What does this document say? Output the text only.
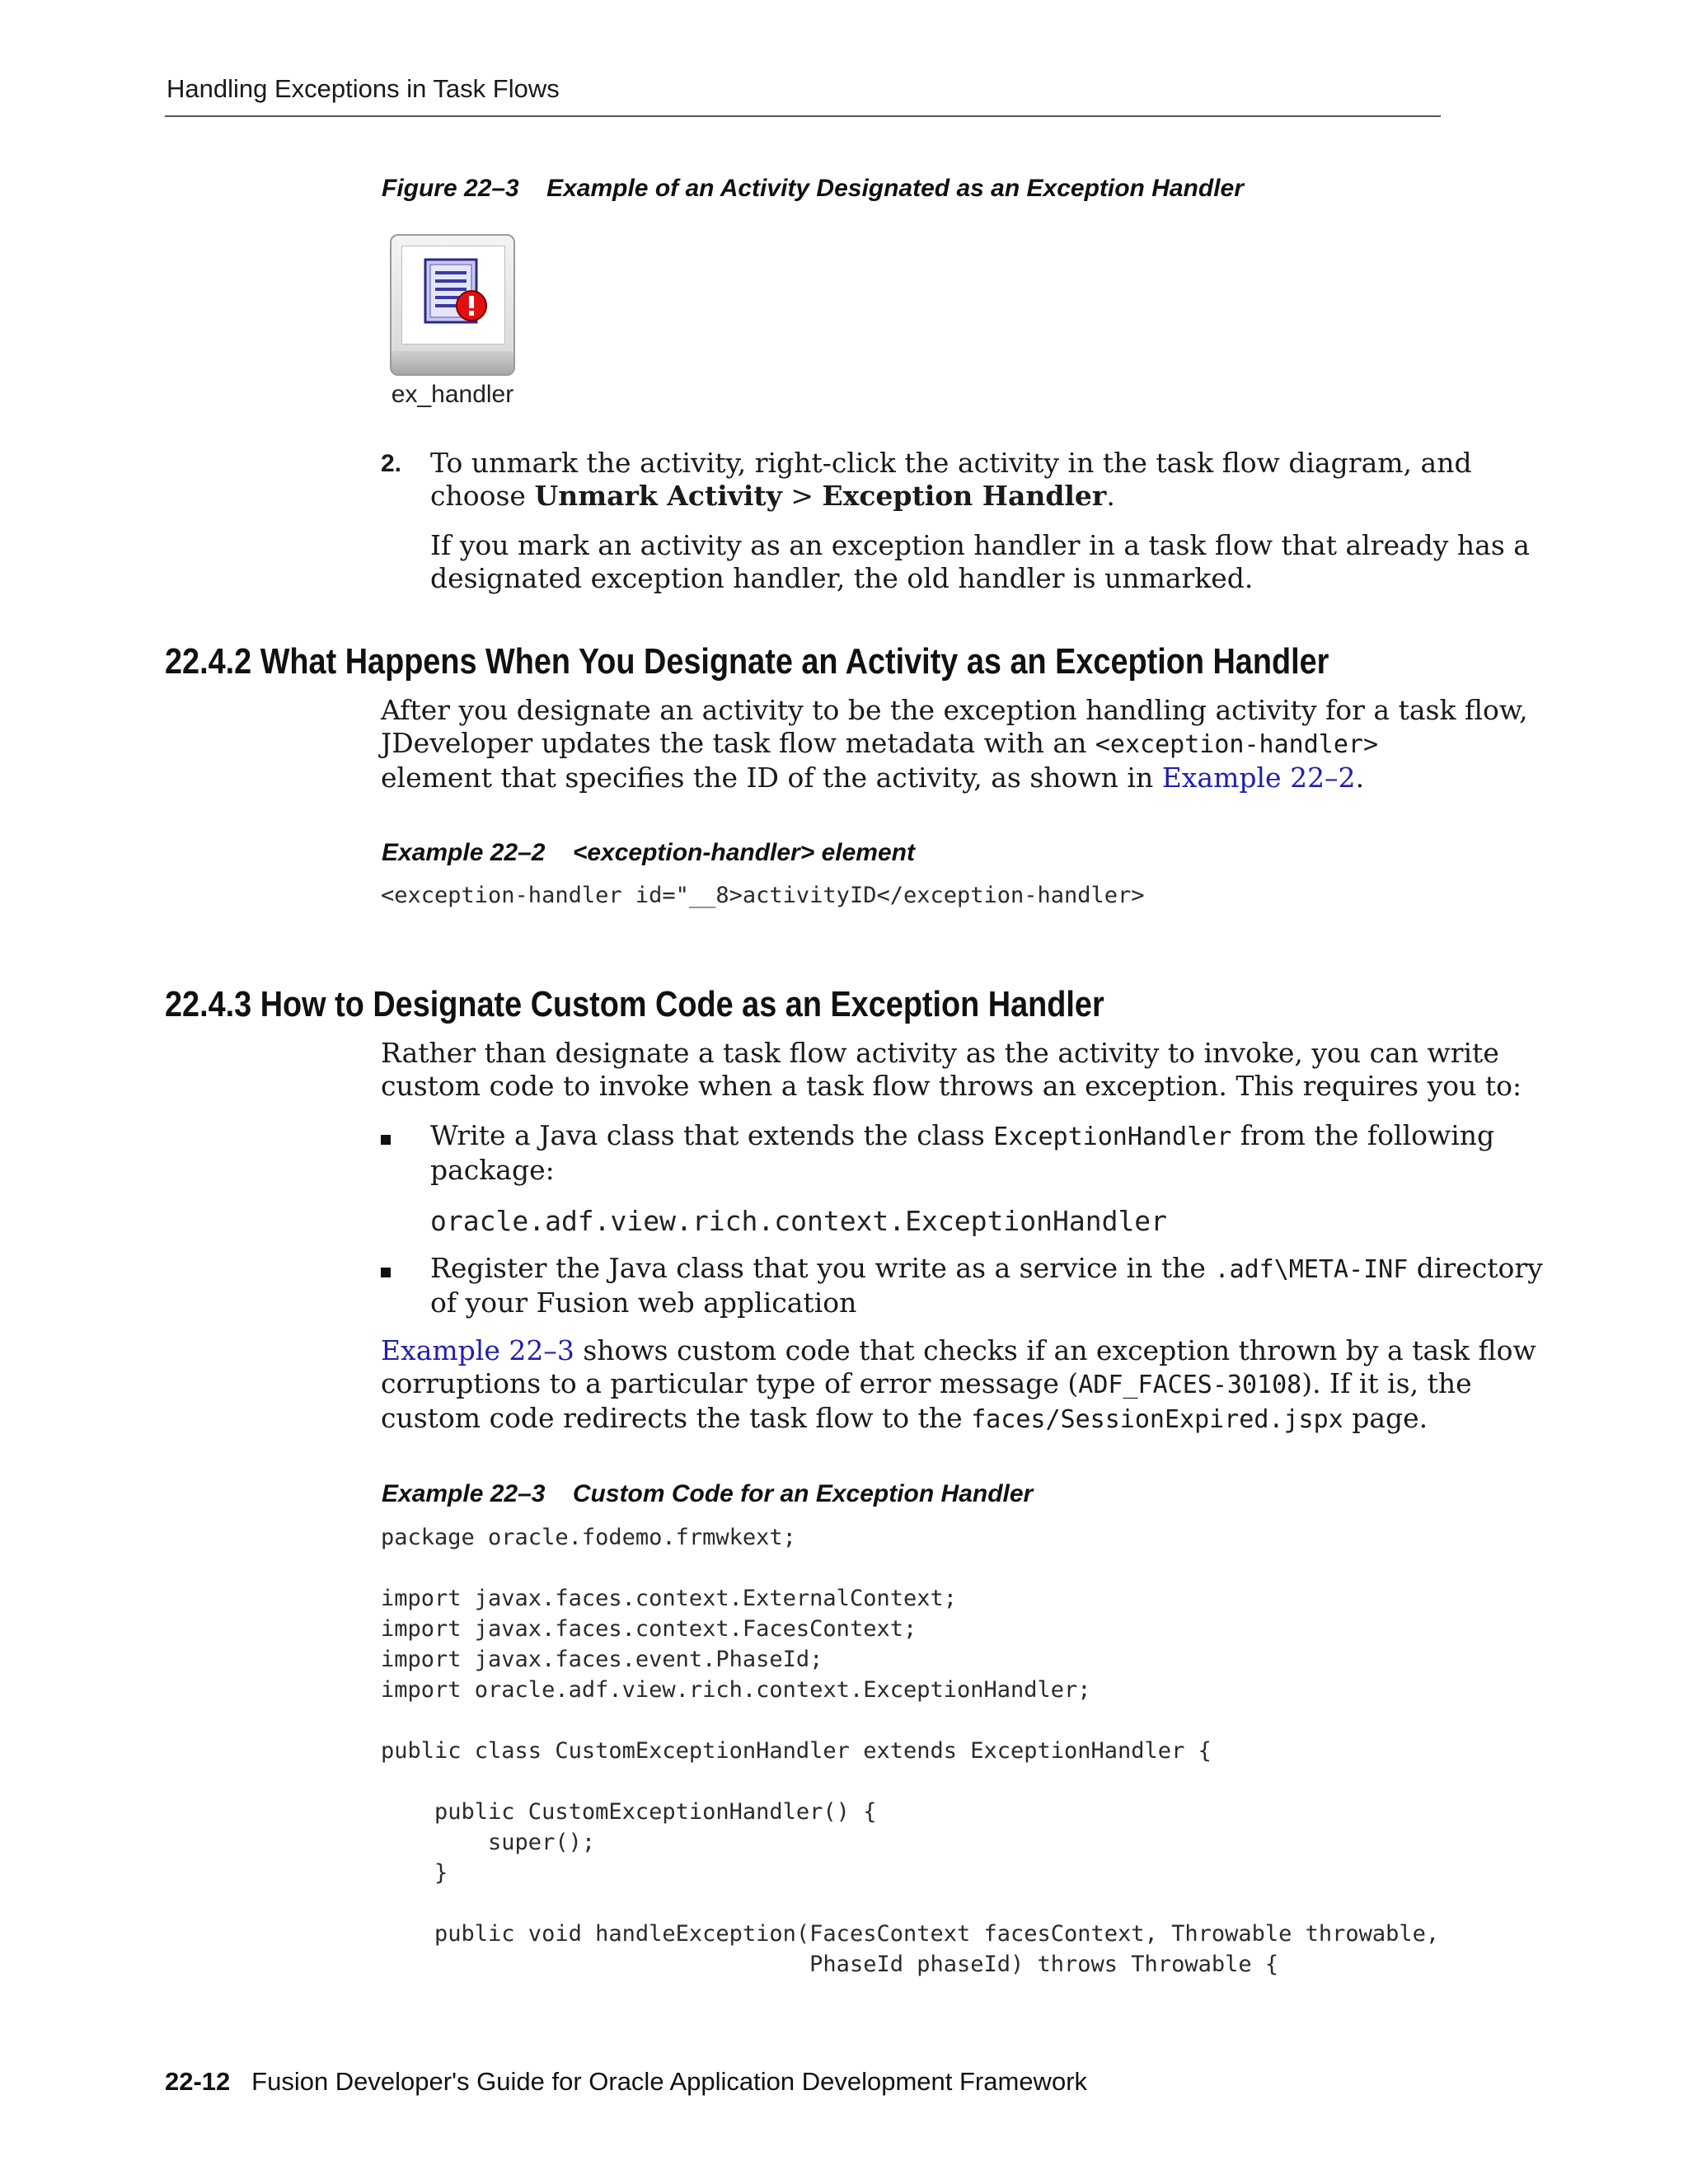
Handling Exceptions in Task Flows
Figure 22–3 Example of an Activity Designated as an Exception Handler
ex_handler
2. To unmark the activity, right-click the activity in the task flow diagram, and
choose Unmark Activity > Exception Handler.
If you mark an activity as an exception handler in a task flow that already has a
designated exception handler, the old handler is unmarked.
22.4.2 What Happens When You Designate an Activity as an Exception Handler
After you designate an activity to be the exception handling activity for a task flow,
JDeveloper updates the task flow metadata with an <exception-handler>
element that specifies the ID of the activity, as shown in Example 22–2.
Example 22–2 <exception-handler> element
<exception-handler id="__8>activityID</exception-handler>
22.4.3 How to Designate Custom Code as an Exception Handler
Rather than designate a task flow activity as the activity to invoke, you can write
custom code to invoke when a task flow throws an exception. This requires you to:
Write a Java class that extends the class ExceptionHandler from the following
package:
oracle.adf.view.rich.context.ExceptionHandler
Register the Java class that you write as a service in the .adf\META-INF directory
of your Fusion web application
Example 22–3 shows custom code that checks if an exception thrown by a task flow
corruptions to a particular type of error message (ADF_FACES-30108). If it is, the
custom code redirects the task flow to the faces/SessionExpired.jspx page.
Example 22–3 Custom Code for an Exception Handler
package oracle.fodemo.frmwkext;
import javax.faces.context.ExternalContext;
import javax.faces.context.FacesContext;
import javax.faces.event.PhaseId;
import oracle.adf.view.rich.context.ExceptionHandler;
public class CustomExceptionHandler extends ExceptionHandler {
public CustomExceptionHandler() {
super();
}
public void handleException(FacesContext facesContext, Throwable throwable,
PhaseId phaseId) throws Throwable {
22-12 Fusion Developer's Guide for Oracle Application Development Framework
